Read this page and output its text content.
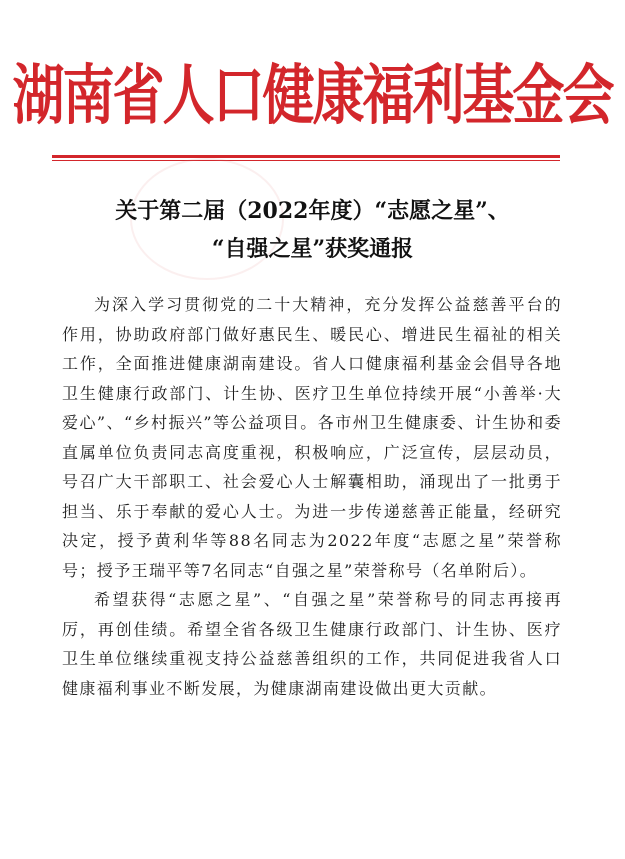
湖南省人口健康福利基金会
关于第二届（2022年度）“志愿之星”、
“自强之星”获奖通报

为深入学习贯彻党的二十大精神，充分发挥公益慈善平台的作用，协助政府部门做好惠民生、暖民心、增进民生福祉的相关工作，全面推进健康湖南建设。省人口健康福利基金会倡导各地卫生健康行政部门、计生协、医疗卫生单位持续开展“小善举·大爱心”、“乡村振兴”等公益项目。各市州卫生健康委、计生协和委直属单位负责同志高度重视，积极响应，广泛宣传，层层动员，号召广大干部职工、社会爱心人士解囊相助，涌现出了一批勇于担当、乐于奉献的爱心人士。为进一步传递慈善正能量，经研究决定，授予黄利华等88名同志为2022年度“志愿之星”荣誉称号；授予王瑞平等7名同志“自强之星”荣誉称号（名单附后）。

希望获得“志愿之星”、“自强之星”荣誉称号的同志再接再厉，再创佳绩。希望全省各级卫生健康行政部门、计生协、医疗卫生单位继续重视支持公益慈善组织的工作，共同促进我省人口健康福利事业不断发展，为健康湖南建设做出更大贡献。
